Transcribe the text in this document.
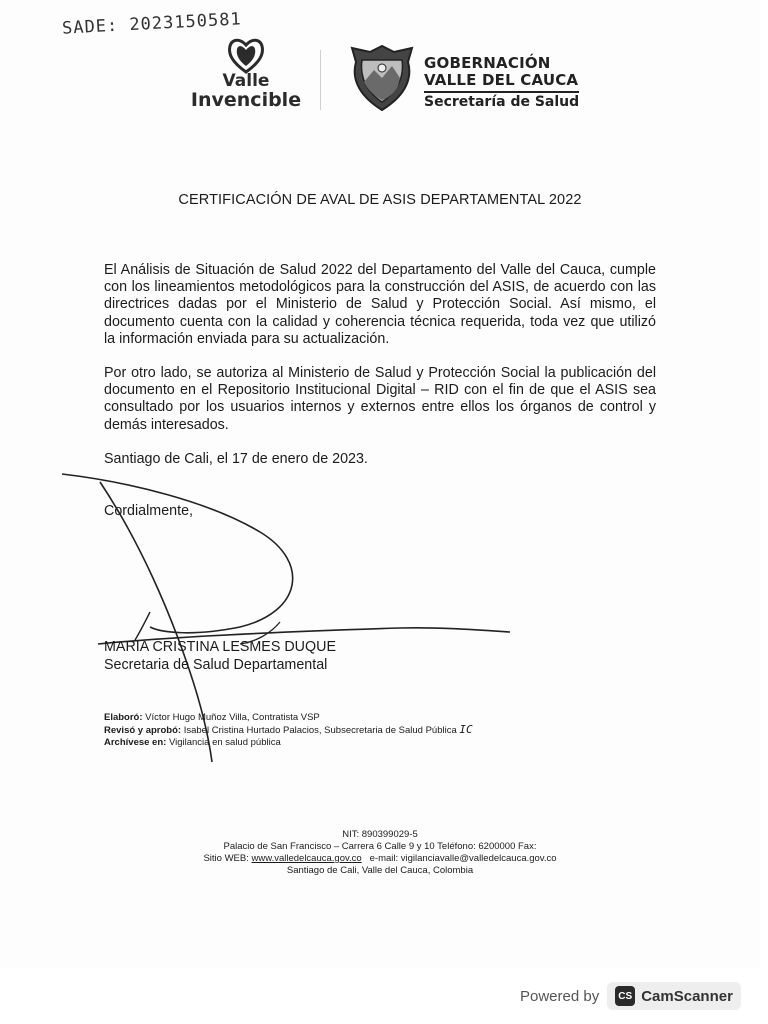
SADE: 2023150581
Valle
Invencible
GOBERNACIÓN
VALLE DEL CAUCA
Secretaría de Salud
CERTIFICACIÓN DE AVAL DE ASIS DEPARTAMENTAL 2022
El Análisis de Situación de Salud 2022 del Departamento del Valle del Cauca, cumple con los lineamientos metodológicos para la construcción del ASIS, de acuerdo con las directrices dadas por el Ministerio de Salud y Protección Social. Así mismo, el documento cuenta con la calidad y coherencia técnica requerida, toda vez que utilizó la información enviada para su actualización.
Por otro lado, se autoriza al Ministerio de Salud y Protección Social la publicación del documento en el Repositorio Institucional Digital – RID con el fin de que el ASIS sea consultado por los usuarios internos y externos entre ellos los órganos de control y demás interesados.
Santiago de Cali, el 17 de enero de 2023.
Cordialmente,
MARIA CRISTINA LESMES DUQUE
Secretaria de Salud Departamental
Elaboró: Víctor Hugo Muñoz Villa, Contratista VSP
Revisó y aprobó: Isabel Cristina Hurtado Palacios, Subsecretaria de Salud Pública IC
Archívese en: Vigilancia en salud pública
NIT: 890399029-5
Palacio de San Francisco – Carrera 6 Calle 9 y 10 Teléfono: 6200000 Fax:
Sitio WEB: www.valledelcauca.gov.co e-mail: vigilanciavalle@valledelcauca.gov.co
Santiago de Cali, Valle del Cauca, Colombia
Powered by	CS CamScanner
